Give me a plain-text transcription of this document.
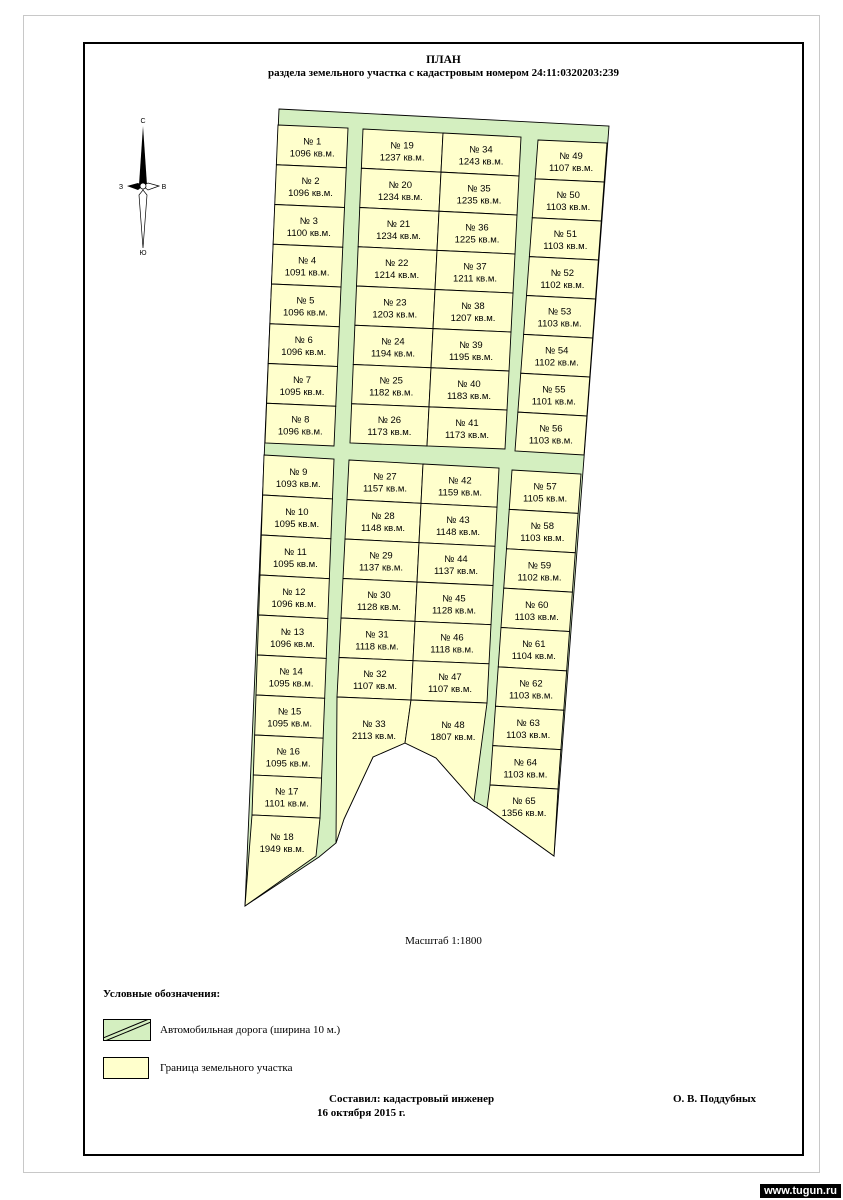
ПЛАН
раздела земельного участка с кадастровым номером 24:11:0320203:239
С
Ю
З	В
№ 1
1096 кв.м.
№ 2
1096 кв.м.
№ 3
1100 кв.м.
№ 4
1091 кв.м.
№ 5
1096 кв.м.
№ 6
1096 кв.м.
№ 7
1095 кв.м.
№ 8
1096 кв.м.
№ 9
1093 кв.м.
№ 10
1095 кв.м.
№ 11
1095 кв.м.
№ 12
1096 кв.м.
№ 13
1096 кв.м.
№ 14
1095 кв.м.
№ 15
1095 кв.м.
№ 16
1095 кв.м.
№ 17
1101 кв.м.
№ 18
1949 кв.м.
№ 19
1237 кв.м.
№ 20
1234 кв.м.
№ 21
1234 кв.м.
№ 22
1214 кв.м.
№ 23
1203 кв.м.
№ 24
1194 кв.м.
№ 25
1182 кв.м.
№ 26
1173 кв.м.
№ 27
1157 кв.м.
№ 28
1148 кв.м.
№ 29
1137 кв.м.
№ 30
1128 кв.м.
№ 31
1118 кв.м.
№ 32
1107 кв.м.
№ 33
2113 кв.м.
№ 34
1243 кв.м.
№ 35
1235 кв.м.
№ 36
1225 кв.м.
№ 37
1211 кв.м.
№ 38
1207 кв.м.
№ 39
1195 кв.м.
№ 40
1183 кв.м.
№ 41
1173 кв.м.
№ 42
1159 кв.м.
№ 43
1148 кв.м.
№ 44
1137 кв.м.
№ 45
1128 кв.м.
№ 46
1118 кв.м.
№ 47
1107 кв.м.
№ 48
1807 кв.м.
№ 49
1107 кв.м.
№ 50
1103 кв.м.
№ 51
1103 кв.м.
№ 52
1102 кв.м.
№ 53
1103 кв.м.
№ 54
1102 кв.м.
№ 55
1101 кв.м.
№ 56
1103 кв.м.
№ 57
1105 кв.м.
№ 58
1103 кв.м.
№ 59
1102 кв.м.
№ 60
1103 кв.м.
№ 61
1104 кв.м.
№ 62
1103 кв.м.
№ 63
1103 кв.м.
№ 64
1103 кв.м.
№ 65
1356 кв.м.
Масштаб 1:1800
Условные обозначения:
Автомобильная дорога (ширина 10 м.)
Граница земельного участка
Составил: кадастровый инженер
16 октября 2015 г.
О. В. Поддубных
www.tugun.ru
